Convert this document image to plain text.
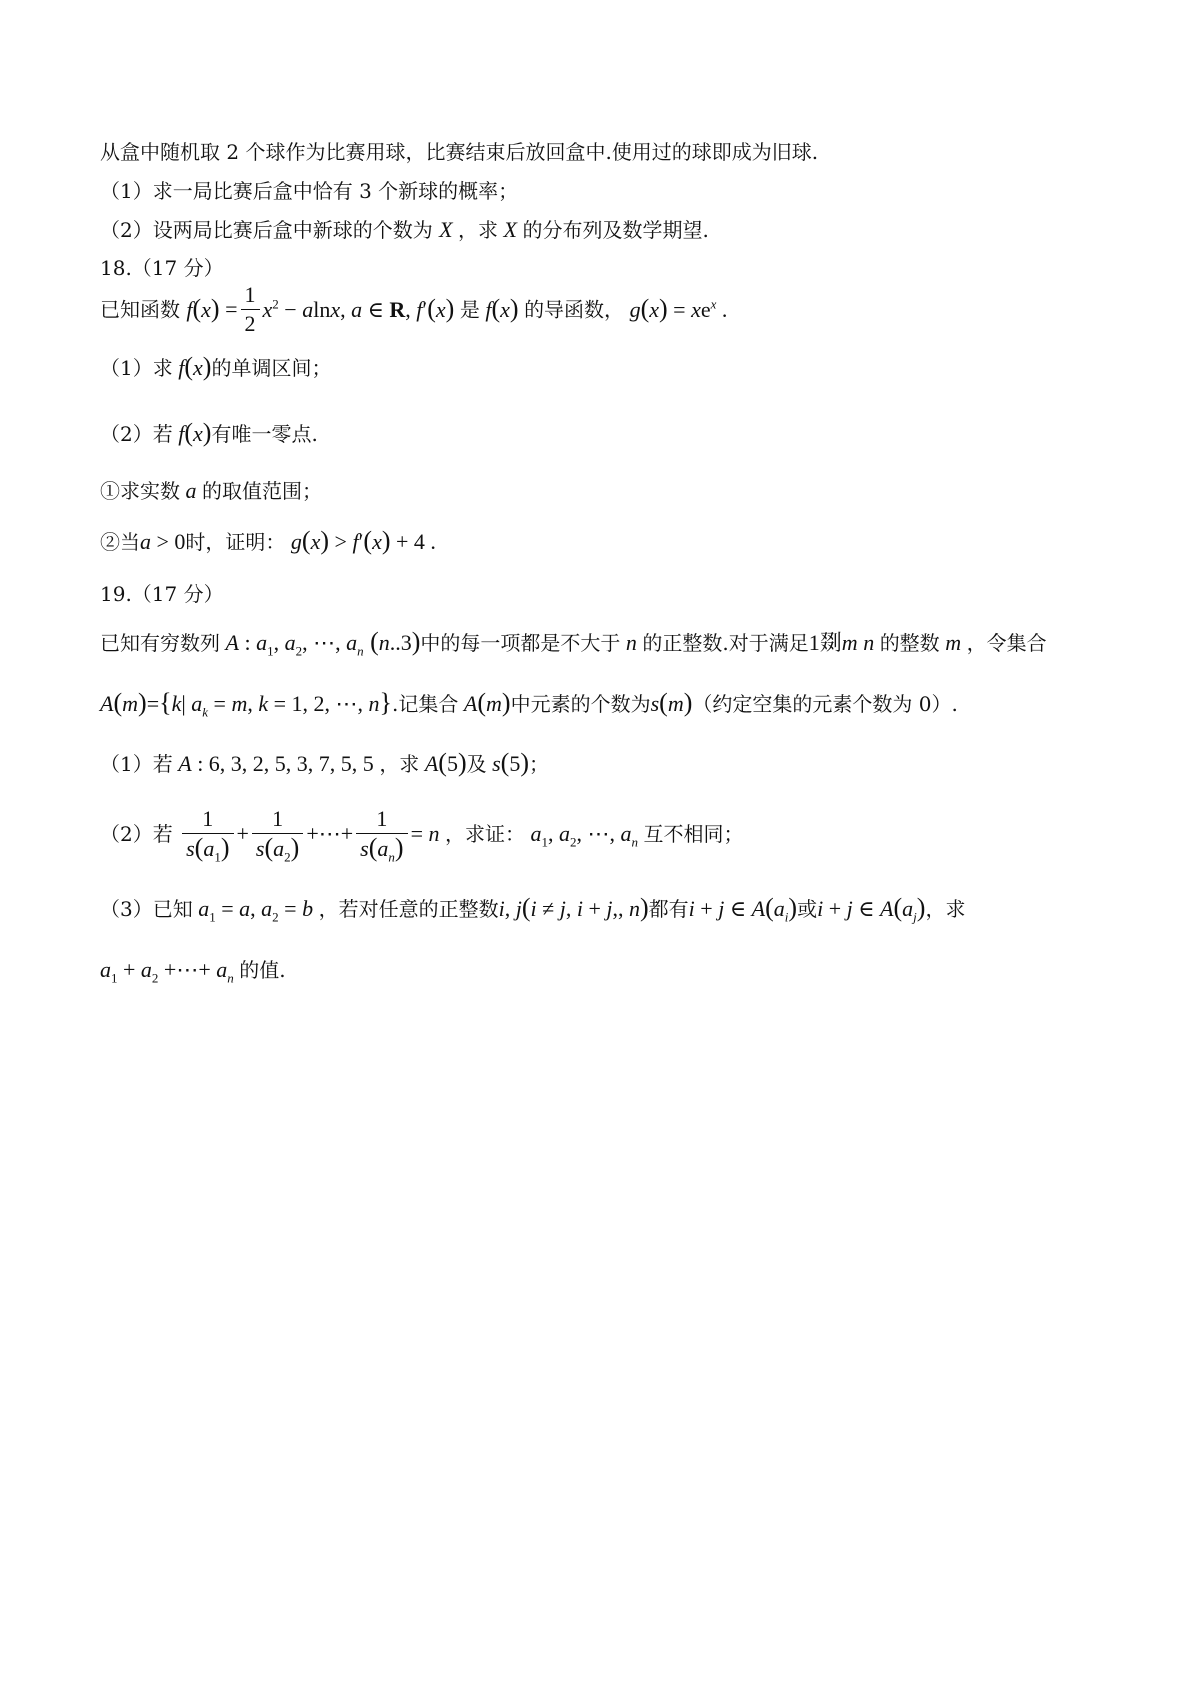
从盒中随机取 2 个球作为比赛用球，比赛结束后放回盒中.使用过的球即成为旧球.
（1）求一局比赛后盒中恰有 3 个新球的概率；
（2）设两局比赛后盒中新球的个数为 X ，求 X 的分布列及数学期望.
18.（17 分）
已知函数 $f(x) = \frac{1}{2} x^2 - alnx$, a ∈ R, f′(x) 是 f(x) 的导函数， $g(x) = xe^x$ .
（1）求 f(x)的单调区间；
（2）若 f(x)有唯一零点.
①求实数 a 的取值范围；
②当a > 0时，证明： g(x) > f′(x) + 4 .
19.（17 分）
已知有穷数列 A : $a_1$, $a_2$, ⋯, $a_n$ (n..3)中的每一项都是不大于 n 的正整数.对于满足1剟m n 的整数 m ，令集合
A(m)={k| $a_k = m$, k = 1, 2, ⋯, n}.记集合 A(m)中元素的个数为s(m)（约定空集的元素个数为 0）.
（1）若 A : 6, 3, 2, 5, 3, 7, 5, 5 ，求 A(5)及 s(5)；
（2）若 $\frac{1}{s(a_1)} + \frac{1}{s(a_2)}$ +⋯+ $\frac{1}{s(a_n)} = n$ ，求证： $a_1$, $a_2$, ⋯, $a_n$ 互不相同；
（3）已知 $a_1 = a$, $a_2 = b$ ，若对任意的正整数i, j(i ≠ j, i + j,, n)都有i + j ∈ $A(a_i)$或i + j ∈ $A(a_j)$，求
$a_1 + a_2$ +⋯+ $a_n$ 的值.
